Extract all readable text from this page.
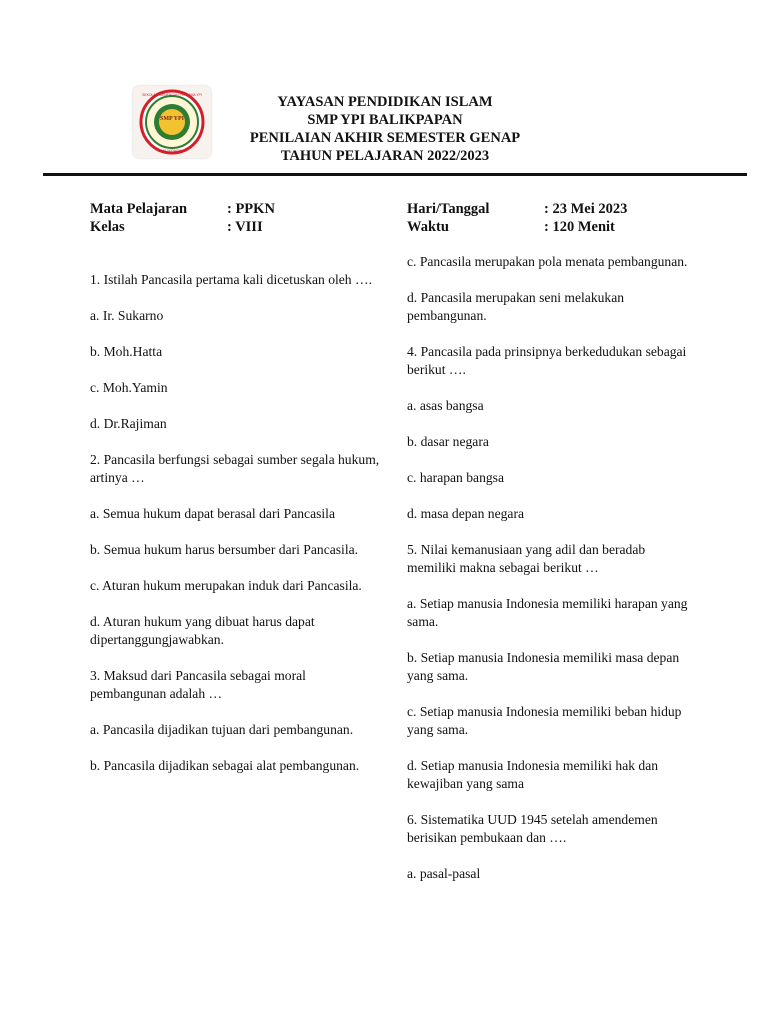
SMP YPI
BALIKPAPAN
SEKOLAH MENENGAH PERTAMA YPI	YAYASAN PENDIDIKAN ISLAM
SMP YPI BALIKPAPAN
PENILAIAN AKHIR SEMESTER GENAP
TAHUN PELAJARAN 2022/2023
Mata Pelajaran	: PPKN
Kelas	: VIII
Hari/Tanggal	: 23 Mei 2023
Waktu	: 120 Menit

1. Istilah Pancasila pertama kali dicetuskan oleh ….

a. Ir. Sukarno

b. Moh.Hatta

c. Moh.Yamin

d. Dr.Rajiman

2. Pancasila berfungsi sebagai sumber segala hukum, artinya …

a. Semua hukum dapat berasal dari Pancasila

b. Semua hukum harus bersumber dari Pancasila.

c. Aturan hukum merupakan induk dari Pancasila.

d. Aturan hukum yang dibuat harus dapat dipertanggungjawabkan.

3. Maksud dari Pancasila sebagai moral pembangunan adalah …

a. Pancasila dijadikan tujuan dari pembangunan.

b. Pancasila dijadikan sebagai alat pembangunan.

c. Pancasila merupakan pola menata pembangunan.

d. Pancasila merupakan seni melakukan pembangunan.

4. Pancasila pada prinsipnya berkedudukan sebagai berikut ….

a. asas bangsa

b. dasar negara

c. harapan bangsa

d. masa depan negara

5. Nilai kemanusiaan yang adil dan beradab memiliki makna sebagai berikut …

a. Setiap manusia Indonesia memiliki harapan yang sama.

b. Setiap manusia Indonesia memiliki masa depan yang sama.

c. Setiap manusia Indonesia memiliki beban hidup yang sama.

d. Setiap manusia Indonesia memiliki hak dan kewajiban yang sama

6. Sistematika UUD 1945 setelah amendemen berisikan pembukaan dan ….

a. pasal-pasal
